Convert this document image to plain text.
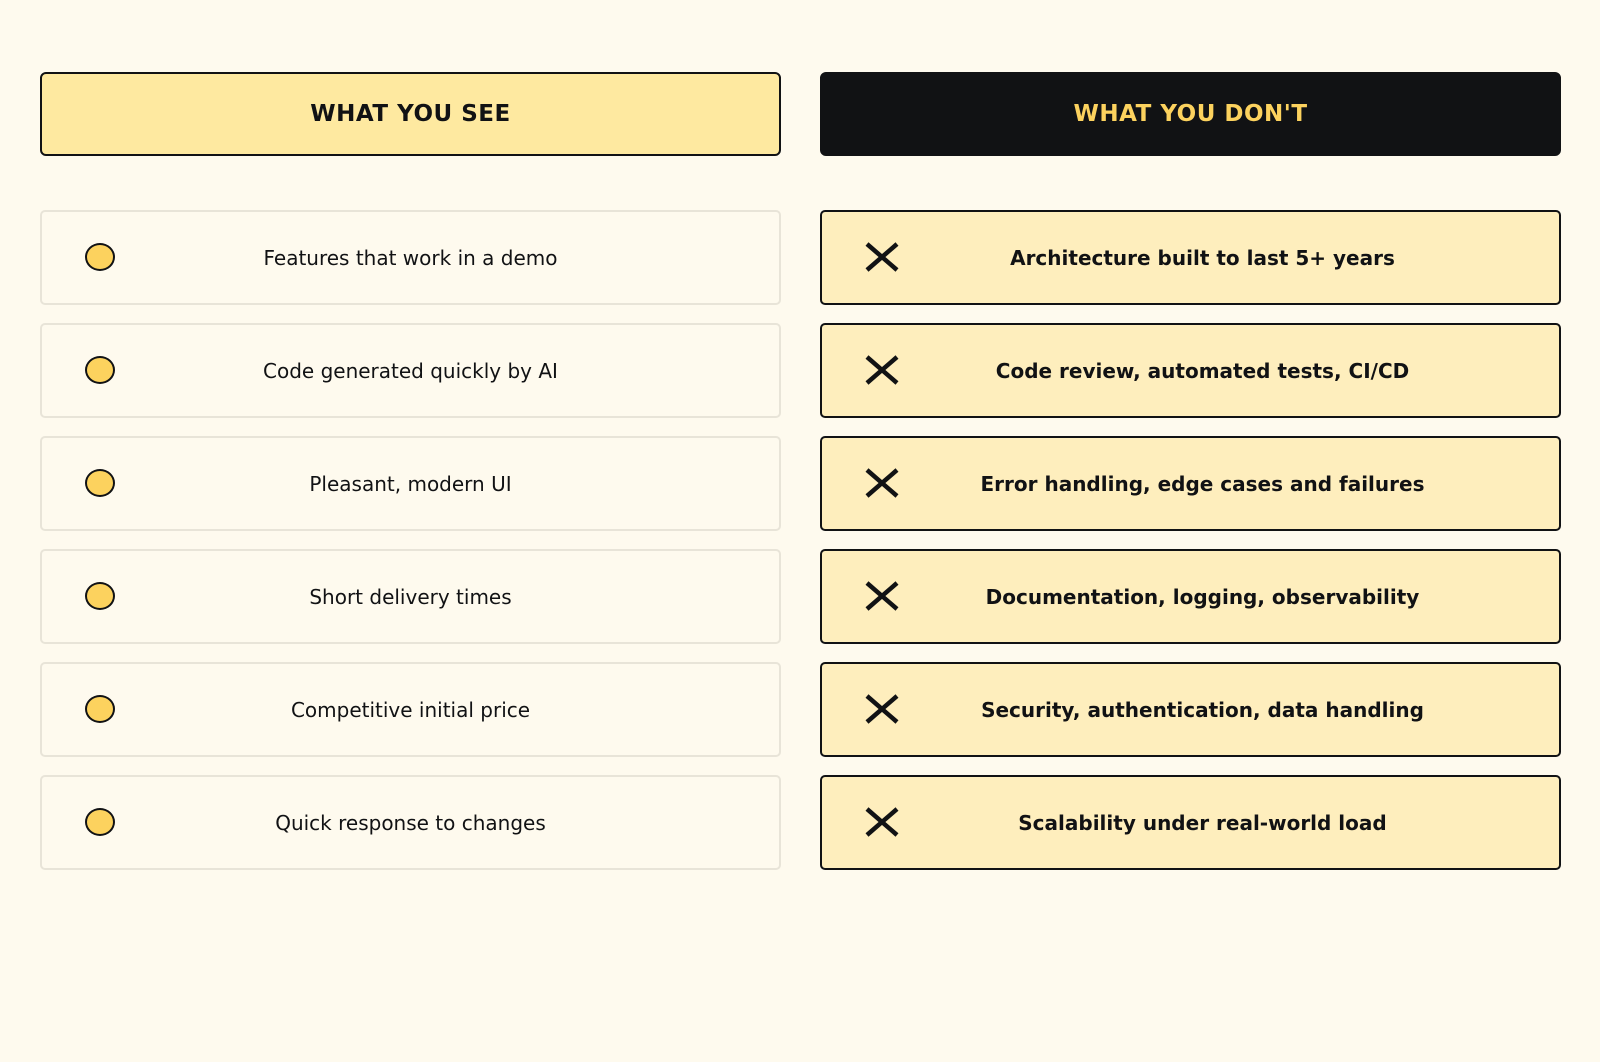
WHAT YOU SEE	WHAT YOU DON'T
Features that work in a demo
Code generated quickly by AI
Pleasant, modern UI
Short delivery times
Competitive initial price
Quick response to changes
Architecture built to last 5+ years
Code review, automated tests, CI/CD
Error handling, edge cases and failures
Documentation, logging, observability
Security, authentication, data handling
Scalability under real-world load
